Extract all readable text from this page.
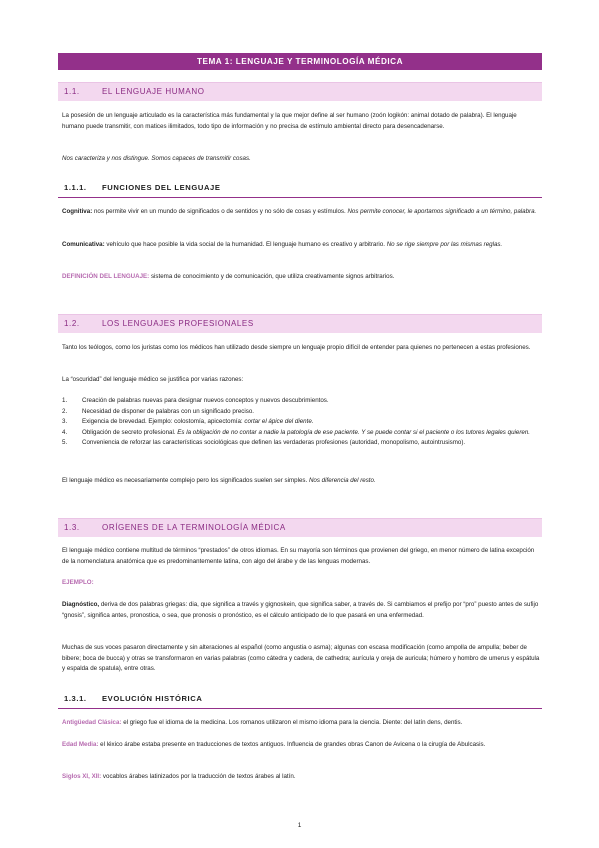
TEMA 1: LENGUAJE Y TERMINOLOGÍA MÉDICA
1.1.	EL LENGUAJE HUMANO

La posesión de un lenguaje articulado es la característica más fundamental y la que mejor define al ser humano (zoón logikón: animal dotado de palabra). El lenguaje humano puede transmitir, con matices ilimitados, todo tipo de información y no precisa de estímulo ambiental directo para desencadenarse.

Nos caracteriza y nos distingue. Somos capaces de transmitir cosas.

1.1.1. FUNCIONES DEL LENGUAJE

Cognitiva: nos permite vivir en un mundo de significados o de sentidos y no sólo de cosas y estímulos. Nos permite conocer, le aportamos significado a un término, palabra.

Comunicativa: vehículo que hace posible la vida social de la humanidad. El lenguaje humano es creativo y arbitrario. No se rige siempre por las mismas reglas.

DEFINICIÓN DEL LENGUAJE: sistema de conocimiento y de comunicación, que utiliza creativamente signos arbitrarios.

1.2.	LOS LENGUAJES PROFESIONALES

Tanto los teólogos, como los juristas como los médicos han utilizado desde siempre un lenguaje propio difícil de entender para quienes no pertenecen a estas profesiones.

La “oscuridad” del lenguaje médico se justifica por varias razones:

1. Creación de palabras nuevas para designar nuevos conceptos y nuevos descubrimientos.
2. Necesidad de disponer de palabras con un significado preciso.
3. Exigencia de brevedad. Ejemplo: colostomía, apicectomía: cortar el ápice del diente.
4. Obligación de secreto profesional. Es la obligación de no contar a nadie la patología de ese paciente. Y se puede contar si el paciente o los tutores legales quieren.
5. Conveniencia de reforzar las características sociológicas que definen las verdaderas profesiones (autoridad, monopolismo, autointrusismo).

El lenguaje médico es necesariamente complejo pero los significados suelen ser simples. Nos diferencia del resto.

1.3.	ORÍGENES DE LA TERMINOLOGÍA MÉDICA

El lenguaje médico contiene multitud de términos “prestados” de otros idiomas. En su mayoría son términos que provienen del griego, en menor número de latina excepción de la nomenclatura anatómica que es predominantemente latina, con algo del árabe y de las lenguas modernas.

EJEMPLO:

Diagnóstico, deriva de dos palabras griegas: dia, que significa a través y gignoskein, que significa saber, a través de. Si cambiamos el prefijo por “pro” puesto antes de sufijo “gnosis”, significa antes, pronostica, o sea, que pronosis o pronóstico, es el cálculo anticipado de lo que pasará en una enfermedad.

Muchas de sus voces pasaron directamente y sin alteraciones al español (como angustia o asma); algunas con escasa modificación (como ampolla de ampulla; beber de bibere; boca de bucca) y otras se transformaron en varias palabras (como cátedra y cadera, de cathedra; aurícula y oreja de auricula; húmero y hombro de umerus y espátula y espalda de spatula), entre otras.

1.3.1. EVOLUCIÓN HISTÓRICA

Antigüedad Clásica: el griego fue el idioma de la medicina. Los romanos utilizaron el mismo idioma para la ciencia. Diente: del latín dens, dentis.

Edad Media: el léxico árabe estaba presente en traducciones de textos antiguos. Influencia de grandes obras Canon de Avicena o la cirugía de Abulcasis.

Siglos XI, XII: vocablos árabes latinizados por la traducción de textos árabes al latín.

1
